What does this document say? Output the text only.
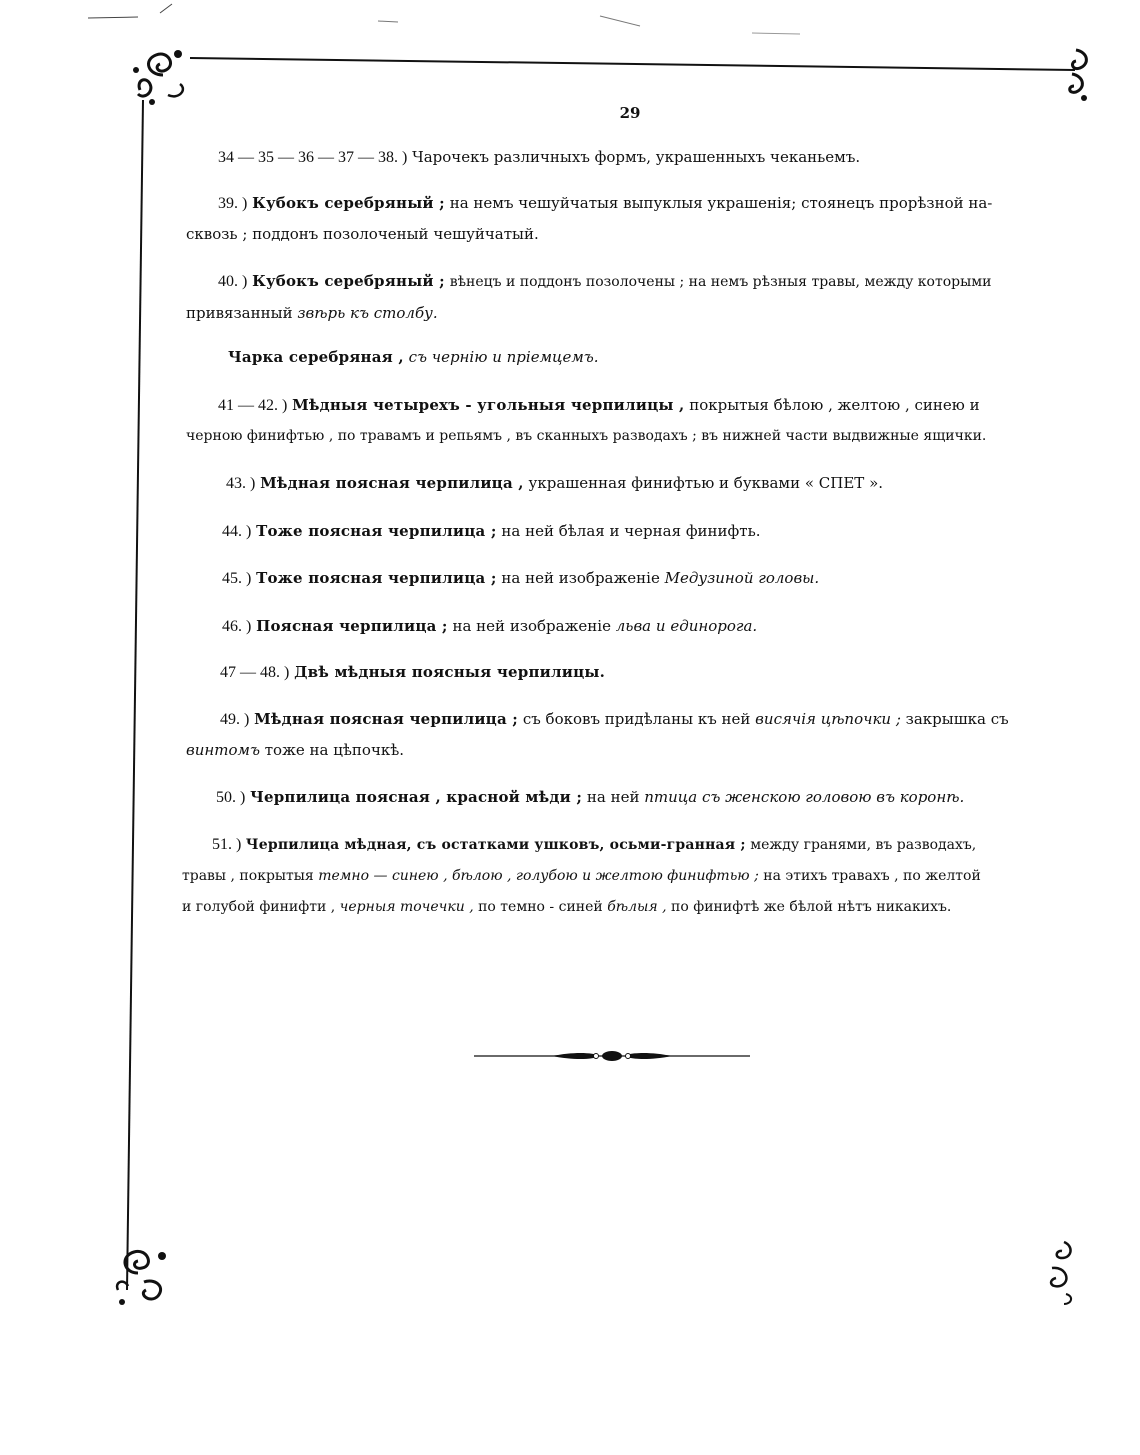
29
34 — 35 — 36 — 37 — 38. ) Чарочекъ различныхъ формъ, украшенныхъ чеканьемъ.
39. ) Кубокъ серебряный ; на немъ чешуйчатыя выпуклыя украшенія; стоянецъ прорѣзной на-
сквозь ; поддонъ позолоченый чешуйчатый.
40. ) Кубокъ серебряный ; вѣнецъ и поддонъ позолочены ; на немъ рѣзныя травы, между которыми
привязанный звѣрь къ столбу.
Чарка серебряная , съ чернію и пріемцемъ.
41 — 42. ) Мѣдныя четырехъ - угольныя черпилицы , покрытыя бѣлою , желтою , синею и
черною финифтью , по травамъ и репьямъ , въ сканныхъ разводахъ ; въ нижней части выдвижные ящички.
43. ) Мѣдная поясная черпилица , украшенная финифтью и буквами « СПЕТ ».
44. ) Тоже поясная черпилица ; на ней бѣлая и черная финифть.
45. ) Тоже поясная черпилица ; на ней изображеніе Медузиной головы.
46. ) Поясная черпилица ; на ней изображеніе льва и единорога.
47 — 48. ) Двѣ мѣдныя поясныя черпилицы.
49. ) Мѣдная поясная черпилица ; съ боковъ придѣланы къ ней висячія цѣпочки ; закрышка съ
винтомъ тоже на цѣпочкѣ.
50. ) Черпилица поясная , красной мѣди ; на ней птица съ женскою головою въ коронѣ.
51. ) Черпилица мѣдная, съ остатками ушковъ, осьми-гранная ; между гранями, въ разводахъ,
травы , покрытыя темно — синею , бѣлою , голубою и желтою финифтью ; на этихъ травахъ , по желтой
и голубой финифти , черныя точечки , по темно - синей бѣлыя , по финифтѣ же бѣлой нѣтъ никакихъ.
